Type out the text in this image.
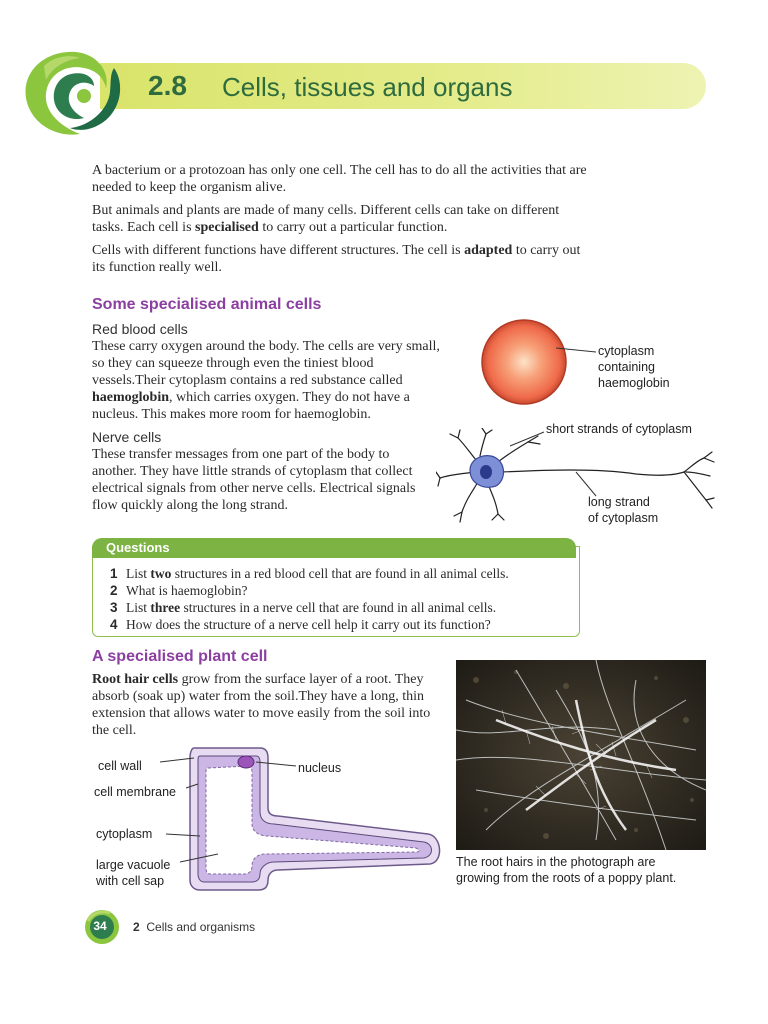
2.8 Cells, tissues and organs

A bacterium or a protozoan has only one cell. The cell has to do all the activities that are needed to keep the organism alive.

But animals and plants are made of many cells. Different cells can take on different tasks. Each cell is specialised to carry out a particular function.

Cells with different functions have different structures. The cell is adapted to carry out its function really well.

Some specialised animal cells
Red blood cells

These carry oxygen around the body. The cells are very small, so they can squeeze through even the tiniest blood vessels.Their cytoplasm contains a red substance called haemoglobin, which carries oxygen. They do not have a nucleus. This makes more room for haemoglobin.

cytoplasm
containing
haemoglobin
Nerve cells

These transfer messages from one part of the body to another. They have little strands of cytoplasm that collect electrical signals from other nerve cells. Electrical signals flow quickly along the long strand.

short strands of cytoplasm
long strand
of cytoplasm
Questions
1 List two structures in a red blood cell that are found in all animal cells.
2 What is haemoglobin?
3 List three structures in a nerve cell that are found in all animal cells.
4 How does the structure of a nerve cell help it carry out its function?
A specialised plant cell

Root hair cells grow from the surface layer of a root. They absorb (soak up) water from the soil.They have a long, thin extension that allows water to move easily from the soil into the cell.

cell wall	nucleus
cell membrane
cytoplasm
large vacuole
with cell sap
The root hairs in the photograph are
growing from the roots of a poppy plant.
34 2 Cells and organisms
